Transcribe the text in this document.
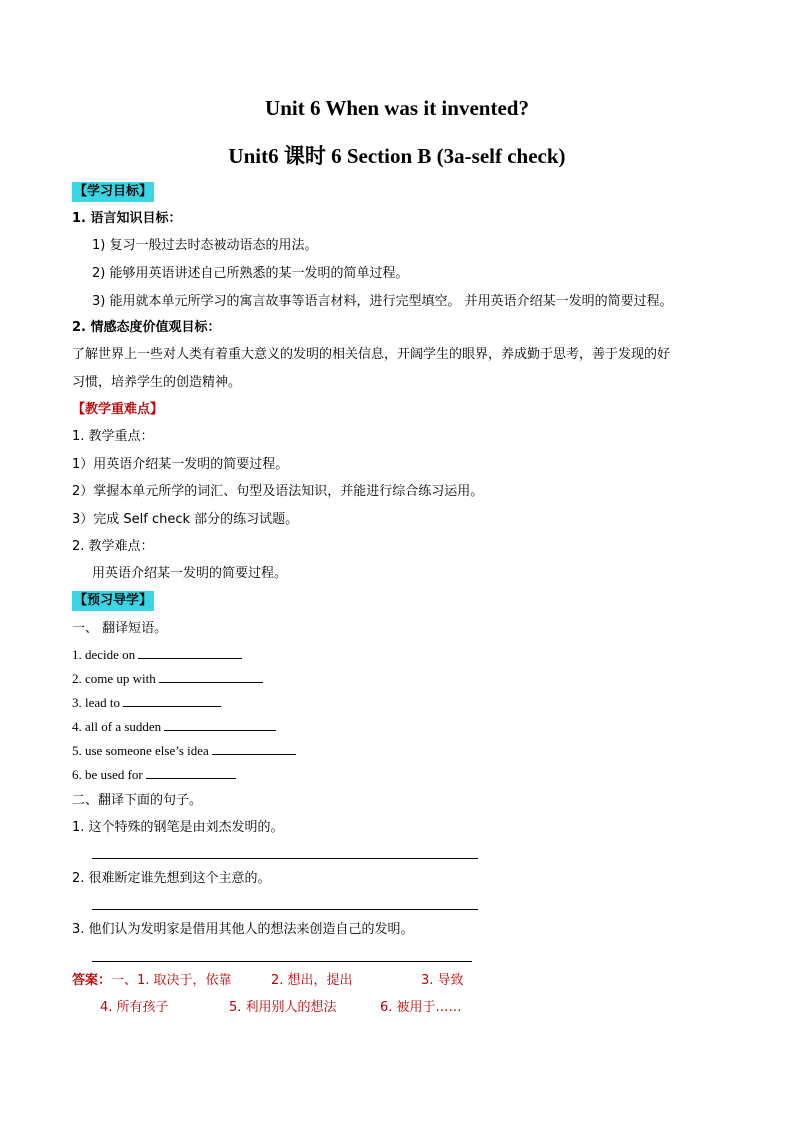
Unit 6 When was it invented?
Unit6 课时 6 Section B (3a-self check)
【学习目标】
1. 语言知识目标：
1) 复习一般过去时态被动语态的用法。
2) 能够用英语讲述自己所熟悉的某一发明的简单过程。
3) 能用就本单元所学习的寓言故事等语言材料，进行完型填空。 并用英语介绍某一发明的简要过程。
2. 情感态度价值观目标：
了解世界上一些对人类有着重大意义的发明的相关信息，开阔学生的眼界，养成勤于思考，善于发现的好
习惯，培养学生的创造精神。
【教学重难点】
1. 教学重点：
1）用英语介绍某一发明的简要过程。
2）掌握本单元所学的词汇、句型及语法知识，并能进行综合练习运用。
3）完成 Self check 部分的练习试题。
2. 教学难点：
用英语介绍某一发明的简要过程。
【预习导学】
一、 翻译短语。
1. decide on
2. come up with
3. lead to
4. all of a sudden
5. use someone else’s idea
6. be used for
二、翻译下面的句子。
1. 这个特殊的钢笔是由刘杰发明的。
2. 很难断定谁先想到这个主意的。
3. 他们认为发明家是借用其他人的想法来创造自己的发明。
答案：一、1. 取决于，依靠	2. 想出，提出	3. 导致
4. 所有孩子	5. 利用别人的想法	6. 被用于……
